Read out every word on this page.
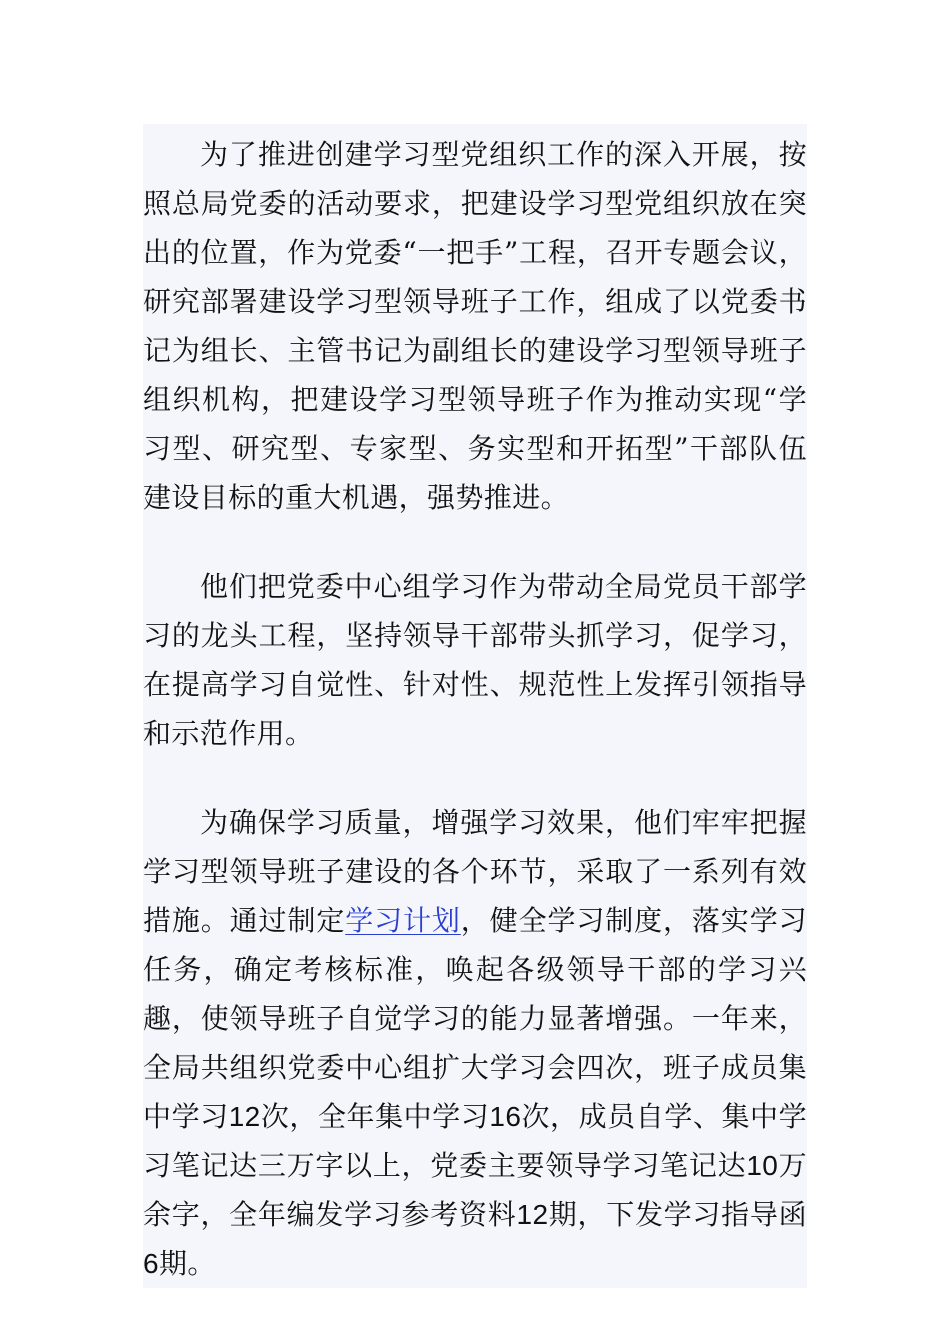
为了推进创建学习型党组织工作的深入开展，按照总局党委的活动要求，把建设学习型党组织放在突出的位置，作为党委“一把手”工程，召开专题会议，研究部署建设学习型领导班子工作，组成了以党委书记为组长、主管书记为副组长的建设学习型领导班子组织机构，把建设学习型领导班子作为推动实现“学习型、研究型、专家型、务实型和开拓型”干部队伍建设目标的重大机遇，强势推进。

他们把党委中心组学习作为带动全局党员干部学习的龙头工程，坚持领导干部带头抓学习，促学习，在提高学习自觉性、针对性、规范性上发挥引领指导和示范作用。

为确保学习质量，增强学习效果，他们牢牢把握学习型领导班子建设的各个环节，采取了一系列有效措施。通过制定学习计划，健全学习制度，落实学习任务，确定考核标准，唤起各级领导干部的学习兴趣，使领导班子自觉学习的能力显著增强。一年来，全局共组织党委中心组扩大学习会四次，班子成员集中学习12次，全年集中学习16次，成员自学、集中学习笔记达三万字以上，党委主要领导学习笔记达10万余字，全年编发学习参考资料12期，下发学习指导函6期。
